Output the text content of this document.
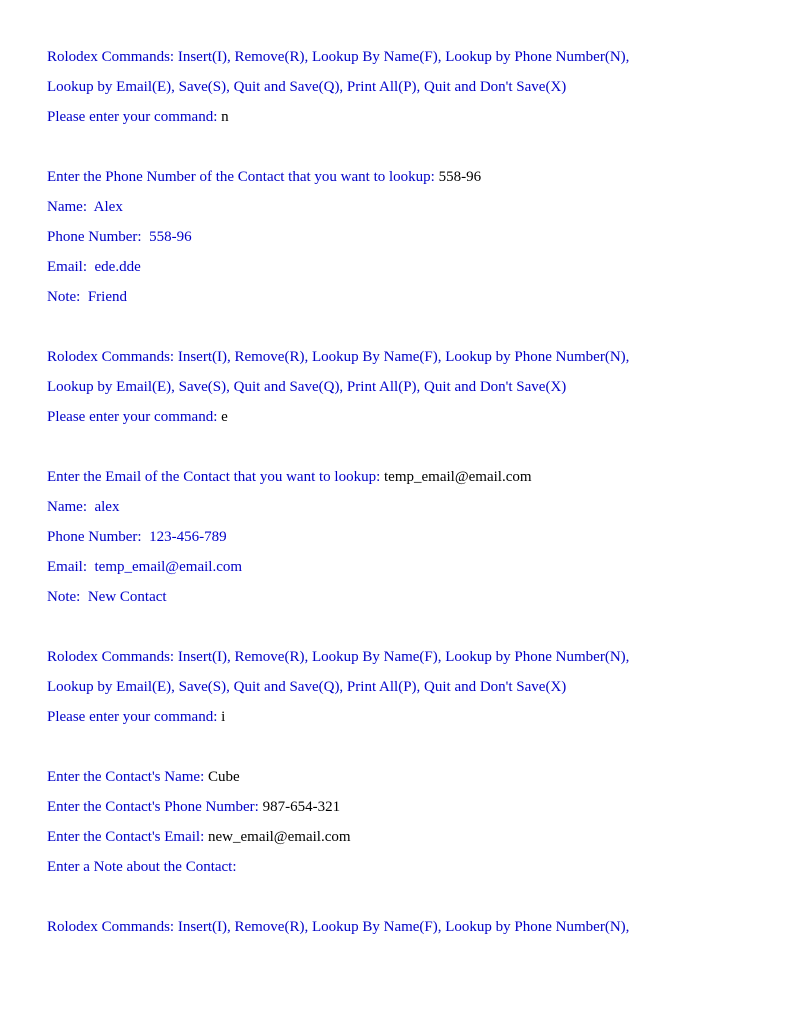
Rolodex Commands: Insert(I), Remove(R), Lookup By Name(F), Lookup by Phone Number(N),
Lookup by Email(E), Save(S), Quit and Save(Q), Print All(P), Quit and Don't Save(X)
Please enter your command: n
Enter the Phone Number of the Contact that you want to lookup: 558-96
Name:  Alex
Phone Number:  558-96
Email:  ede.dde
Note:  Friend
Rolodex Commands: Insert(I), Remove(R), Lookup By Name(F), Lookup by Phone Number(N),
Lookup by Email(E), Save(S), Quit and Save(Q), Print All(P), Quit and Don't Save(X)
Please enter your command: e
Enter the Email of the Contact that you want to lookup: temp_email@email.com
Name:  alex
Phone Number:  123-456-789
Email:  temp_email@email.com
Note:  New Contact
Rolodex Commands: Insert(I), Remove(R), Lookup By Name(F), Lookup by Phone Number(N),
Lookup by Email(E), Save(S), Quit and Save(Q), Print All(P), Quit and Don't Save(X)
Please enter your command: i
Enter the Contact's Name: Cube
Enter the Contact's Phone Number: 987-654-321
Enter the Contact's Email: new_email@email.com
Enter a Note about the Contact:
Rolodex Commands: Insert(I), Remove(R), Lookup By Name(F), Lookup by Phone Number(N),
